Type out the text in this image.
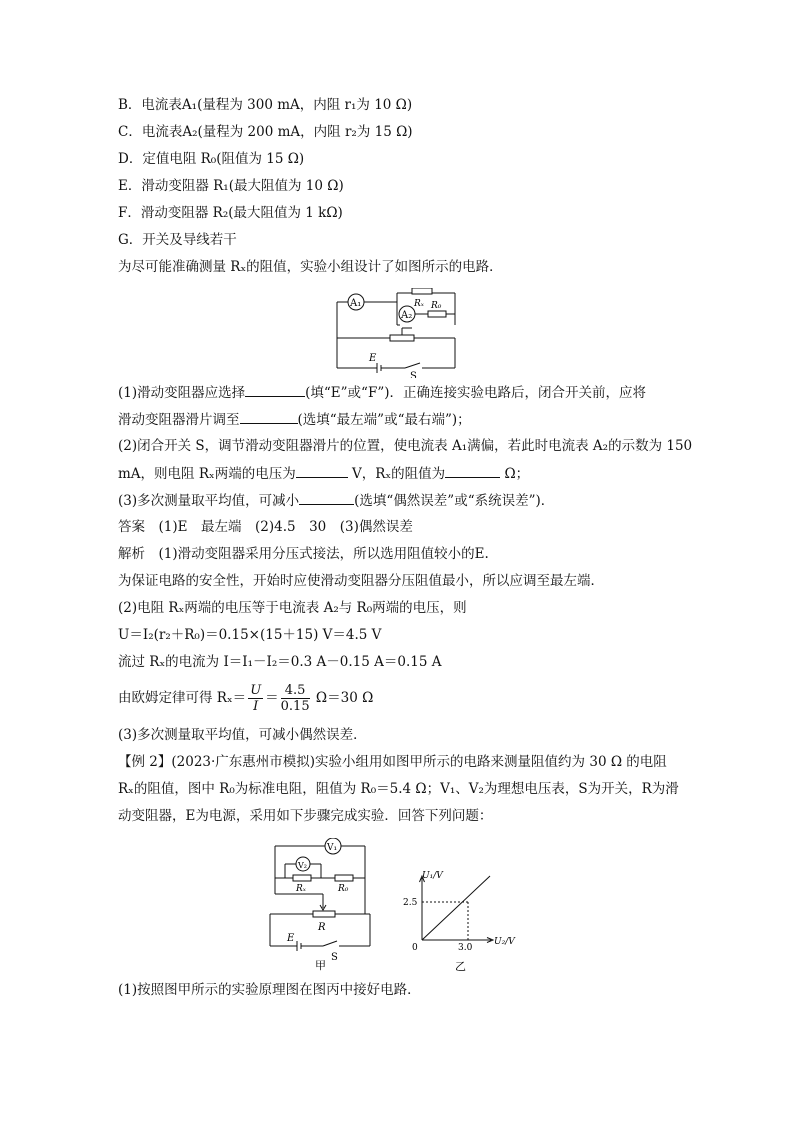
B．电流表A₁(量程为 300 mA，内阻 r₁为 10 Ω)
C．电流表A₂(量程为 200 mA，内阻 r₂为 15 Ω)
D．定值电阻 R₀(阻值为 15 Ω)
E．滑动变阻器 R₁(最大阻值为 10 Ω)
F．滑动变阻器 R₂(最大阻值为 1 kΩ)
G．开关及导线若干
为尽可能准确测量 Rₓ的阻值，实验小组设计了如图所示的电路．
A₁
A₂
Rₓ R₀
E
S
(1)滑动变阻器应选择	(填“E”或“F”)．正确连接实验电路后，闭合开关前，应将
滑动变阻器滑片调至	(选填“最左端”或“最右端”)；
(2)闭合开关 S，调节滑动变阻器滑片的位置，使电流表 A₁满偏，若此时电流表 A₂的示数为 150
mA，则电阻 Rₓ两端的电压为	V，Rₓ的阻值为	Ω；
(3)多次测量取平均值，可减小	(选填“偶然误差”或“系统误差”)．
答案　(1)E　最左端　(2)4.5　30　(3)偶然误差
解析　(1)滑动变阻器采用分压式接法，所以选用阻值较小的E.
为保证电路的安全性，开始时应使滑动变阻器分压阻值最小，所以应调至最左端．
(2)电阻 Rₓ两端的电压等于电流表 A₂与 R₀两端的电压，则
U＝I₂(r₂＋R₀)＝0.15×(15＋15) V＝4.5 V
流过 Rₓ的电流为 I＝I₁－I₂＝0.3 A－0.15 A＝0.15 A
由欧姆定律可得 $R_x= \frac{U}{I} = \frac{4.5}{0.15} \Omega=30$ Ω
(3)多次测量取平均值，可减小偶然误差．
【例 2】(2023·广东惠州市模拟)实验小组用如图甲所示的电路来测量阻值约为 30 Ω 的电阻
Rₓ的阻值，图中 R₀为标准电阻，阻值为 R₀＝5.4 Ω；V₁、V₂为理想电压表，S为开关，R为滑
动变阻器，E为电源，采用如下步骤完成实验．回答下列问题：
V₁
V₂
Rₓ	R₀
R
E
S
甲
U₁/V
U₂/V
0
2.5
3.0
乙
(1)按照图甲所示的实验原理图在图丙中接好电路．
